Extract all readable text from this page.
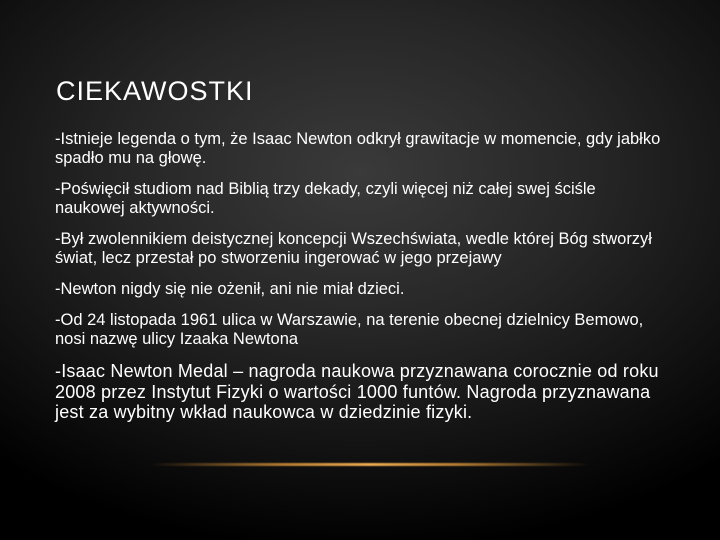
CIEKAWOSTKI
-Istnieje legenda o tym, że Isaac Newton odkrył grawitacje w momencie, gdy jabłko spadło mu na głowę.
-Poświęcił studiom nad Biblią trzy dekady, czyli więcej niż całej swej ściśle naukowej aktywności.
-Był zwolennikiem deistycznej koncepcji Wszechświata, wedle której Bóg stworzył świat, lecz przestał po stworzeniu ingerować w jego przejawy
-Newton nigdy się nie ożenił, ani nie miał dzieci.
-Od 24 listopada 1961 ulica w Warszawie, na terenie obecnej dzielnicy Bemowo, nosi nazwę ulicy Izaaka Newtona
-Isaac Newton Medal – nagroda naukowa przyznawana corocznie od roku 2008 przez Instytut Fizyki o wartości 1000 funtów. Nagroda przyznawana jest za wybitny wkład naukowca w dziedzinie fizyki.
